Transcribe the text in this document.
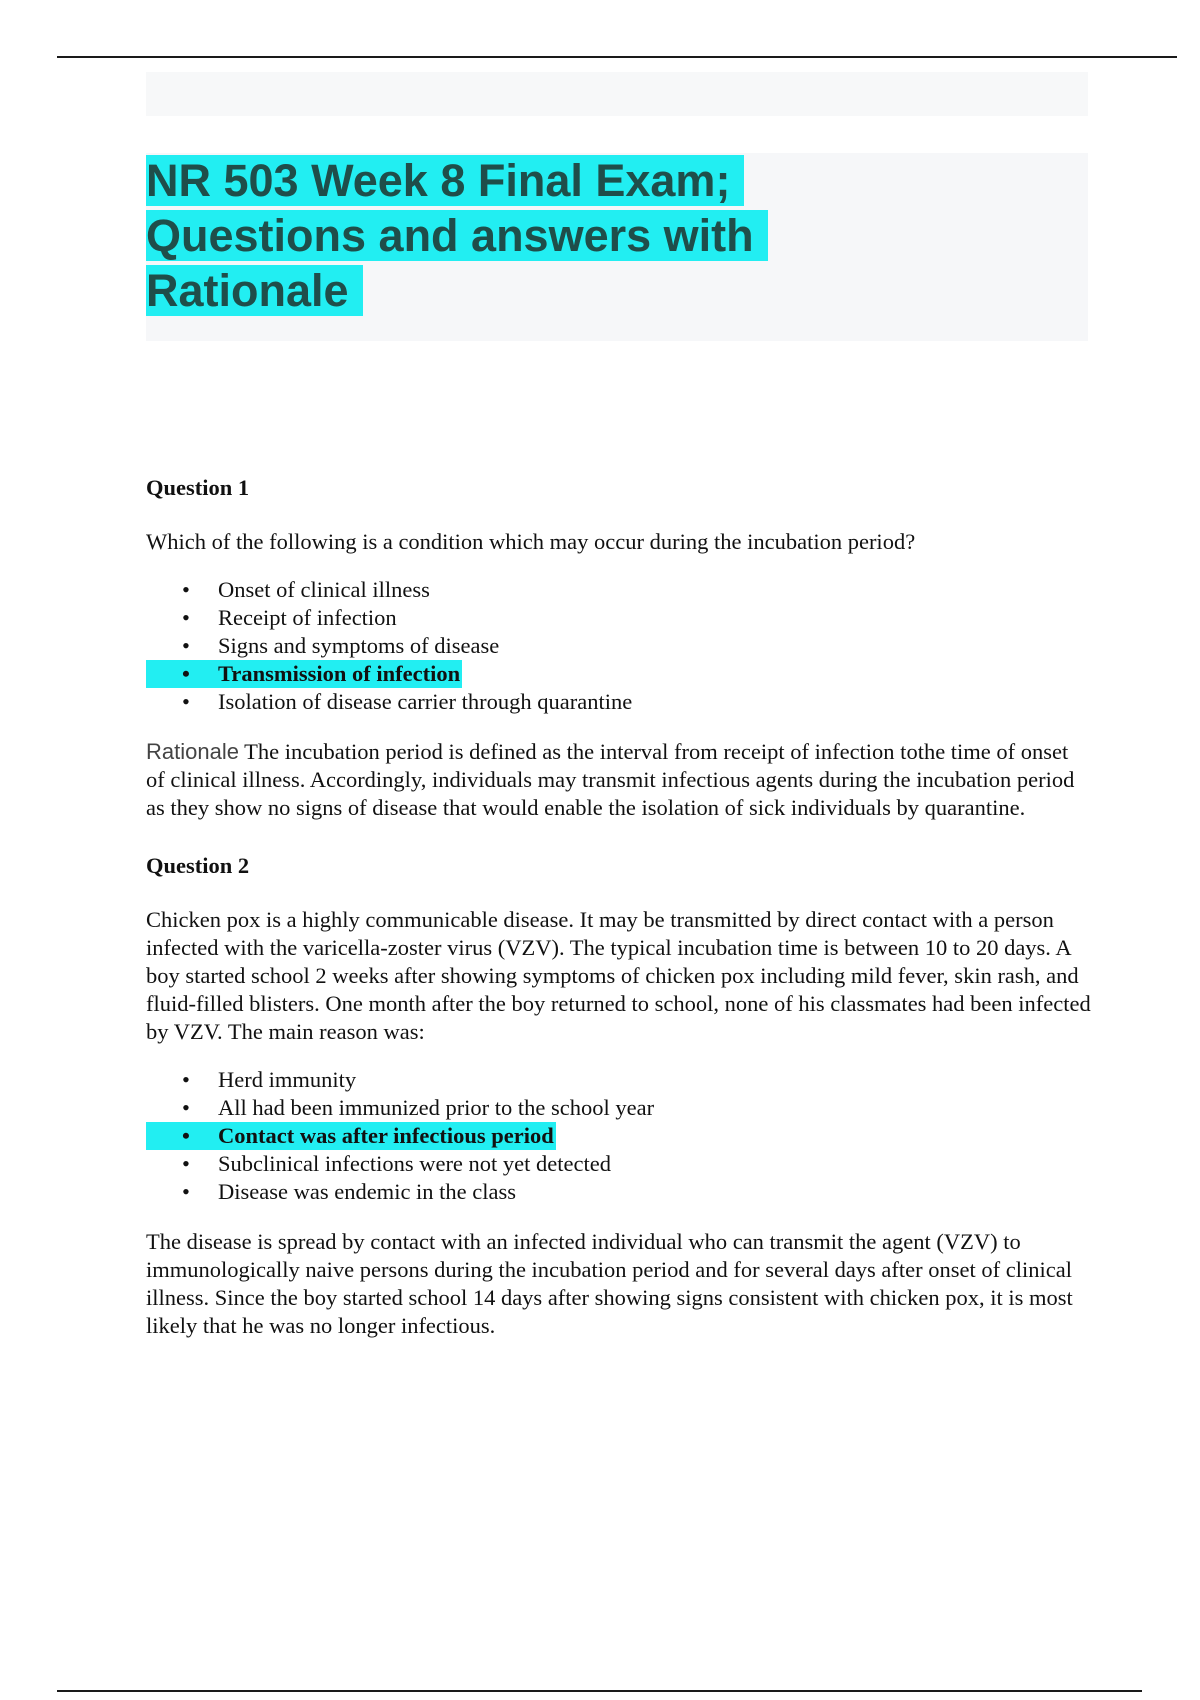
NR 503 Week 8 Final Exam;
Questions and answers with
Rationale

Question 1

Which of the following is a condition which may occur during the incubation period?

• Onset of clinical illness
• Receipt of infection
• Signs and symptoms of disease
• Transmission of infection
• Isolation of disease carrier through quarantine

Rationale The incubation period is defined as the interval from receipt of infection tothe time of onset of clinical illness. Accordingly, individuals may transmit infectious agents during the incubation period as they show no signs of disease that would enable the isolation of sick individuals by quarantine.

Question 2

Chicken pox is a highly communicable disease. It may be transmitted by direct contact with a person infected with the varicella-zoster virus (VZV). The typical incubation time is between 10 to 20 days. A boy started school 2 weeks after showing symptoms of chicken pox including mild fever, skin rash, and fluid-filled blisters. One month after the boy returned to school, none of his classmates had been infected by VZV. The main reason was:

• Herd immunity
• All had been immunized prior to the school year
• Contact was after infectious period
• Subclinical infections were not yet detected
• Disease was endemic in the class

The disease is spread by contact with an infected individual who can transmit the agent (VZV) to immunologically naive persons during the incubation period and for several days after onset of clinical illness. Since the boy started school 14 days after showing signs consistent with chicken pox, it is most likely that he was no longer infectious.
